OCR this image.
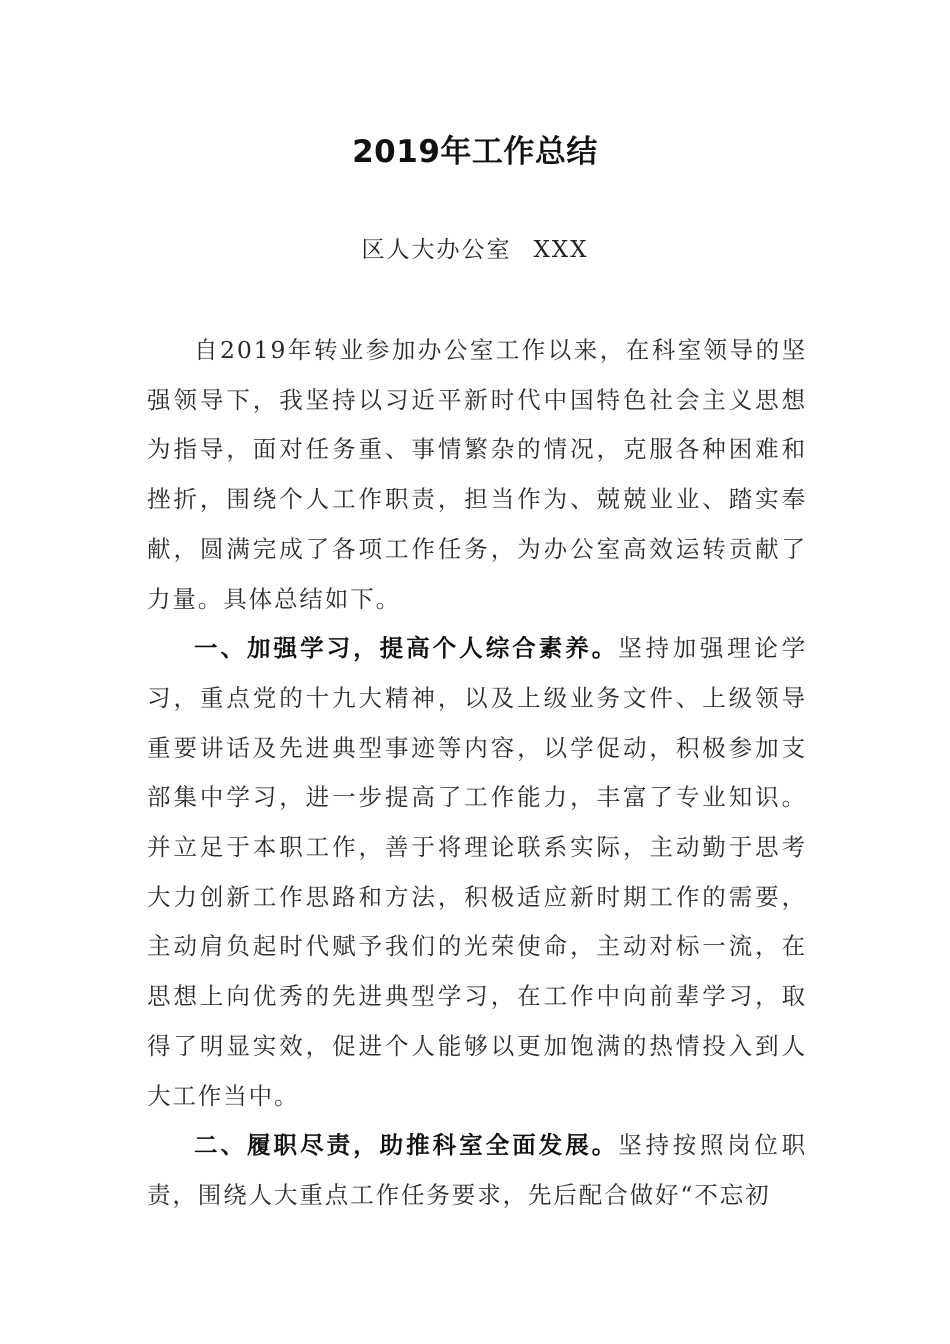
2019年工作总结
区人大办公室 XXX

自2019年转业参加办公室工作以来，在科室领导的坚强领导下，我坚持以习近平新时代中国特色社会主义思想为指导，面对任务重、事情繁杂的情况，克服各种困难和挫折，围绕个人工作职责，担当作为、兢兢业业、踏实奉献，圆满完成了各项工作任务，为办公室高效运转贡献了力量。具体总结如下。

一、加强学习，提高个人综合素养。坚持加强理论学习，重点党的十九大精神，以及上级业务文件、上级领导重要讲话及先进典型事迹等内容，以学促动，积极参加支部集中学习，进一步提高了工作能力，丰富了专业知识。并立足于本职工作，善于将理论联系实际，主动勤于思考大力创新工作思路和方法，积极适应新时期工作的需要，主动肩负起时代赋予我们的光荣使命，主动对标一流，在思想上向优秀的先进典型学习，在工作中向前辈学习，取得了明显实效，促进个人能够以更加饱满的热情投入到人大工作当中。

二、履职尽责，助推科室全面发展。坚持按照岗位职责，围绕人大重点工作任务要求，先后配合做好“不忘初
